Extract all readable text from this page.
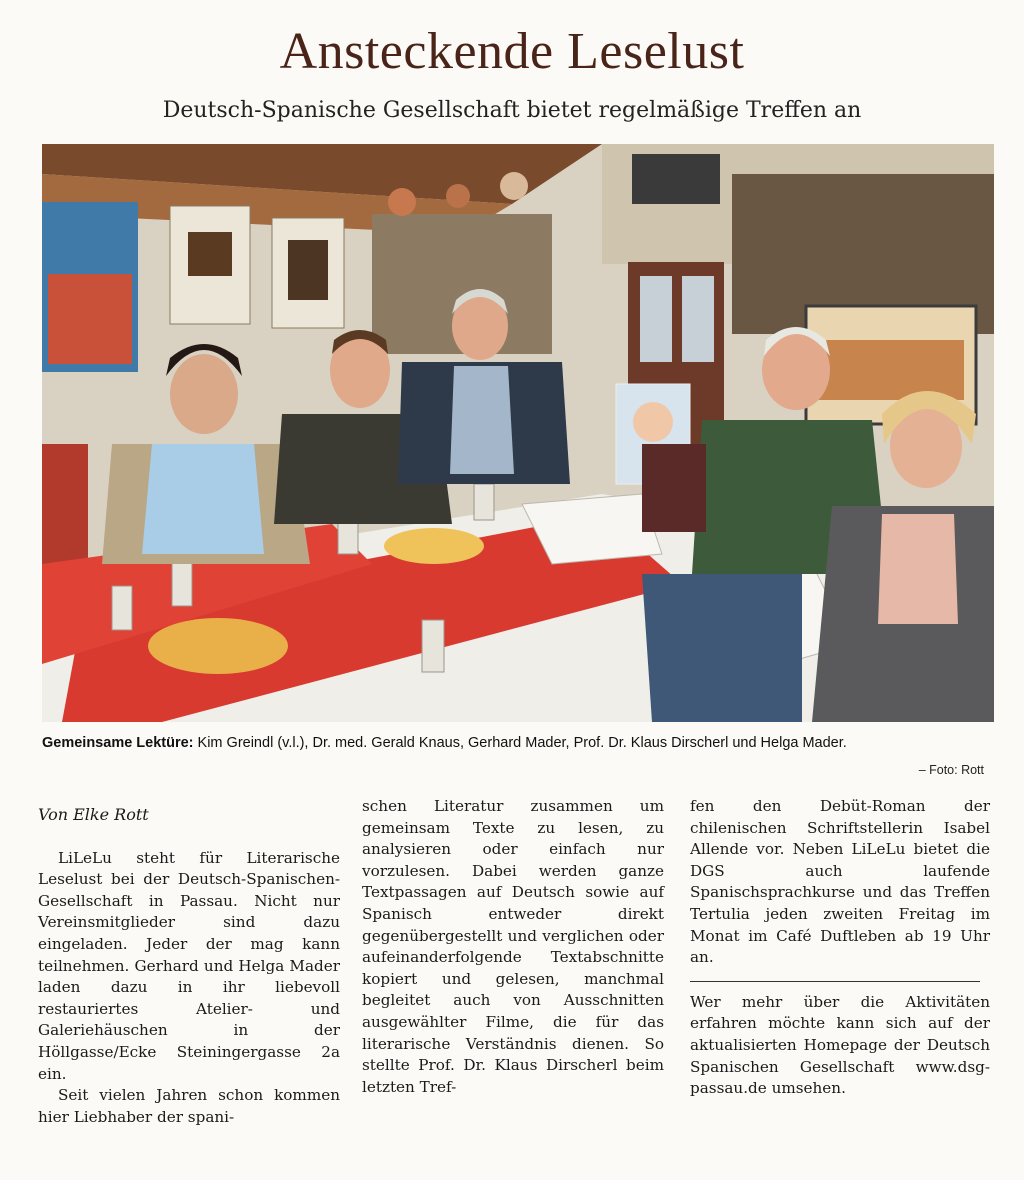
Ansteckende Leselust
Deutsch-Spanische Gesellschaft bietet regelmäßige Treffen an
Gemeinsame Lektüre: Kim Greindl (v.l.), Dr. med. Gerald Knaus, Gerhard Mader, Prof. Dr. Klaus Dirscherl und Helga Mader.
– Foto: Rott
Von Elke Rott

LiLeLu steht für Literarische Leselust bei der Deutsch-Spanischen-Gesellschaft in Passau. Nicht nur Vereinsmitglieder sind dazu eingeladen. Jeder der mag kann teilnehmen. Gerhard und Helga Mader laden dazu in ihr liebevoll restauriertes Atelier- und Galeriehäuschen in der Höllgasse/Ecke Steiningergasse 2a ein.

Seit vielen Jahren schon kommen hier Liebhaber der spani-

schen Literatur zusammen um gemeinsam Texte zu lesen, zu analysieren oder einfach nur vorzulesen. Dabei werden ganze Textpassagen auf Deutsch sowie auf Spanisch entweder direkt gegenübergestellt und verglichen oder aufeinanderfolgende Textabschnitte kopiert und gelesen, manchmal begleitet auch von Ausschnitten ausgewählter Filme, die für das literarische Verständnis dienen. So stellte Prof. Dr. Klaus Dirscherl beim letzten Tref-

fen den Debüt-Roman der chilenischen Schriftstellerin Isabel Allende vor. Neben LiLeLu bietet die DGS auch laufende Spanischsprachkurse und das Treffen Tertulia jeden zweiten Freitag im Monat im Café Duftleben ab 19 Uhr an.

Wer mehr über die Aktivitäten erfahren möchte kann sich auf der aktualisierten Homepage der Deutsch Spanischen Gesellschaft www.dsg-passau.de umsehen.
